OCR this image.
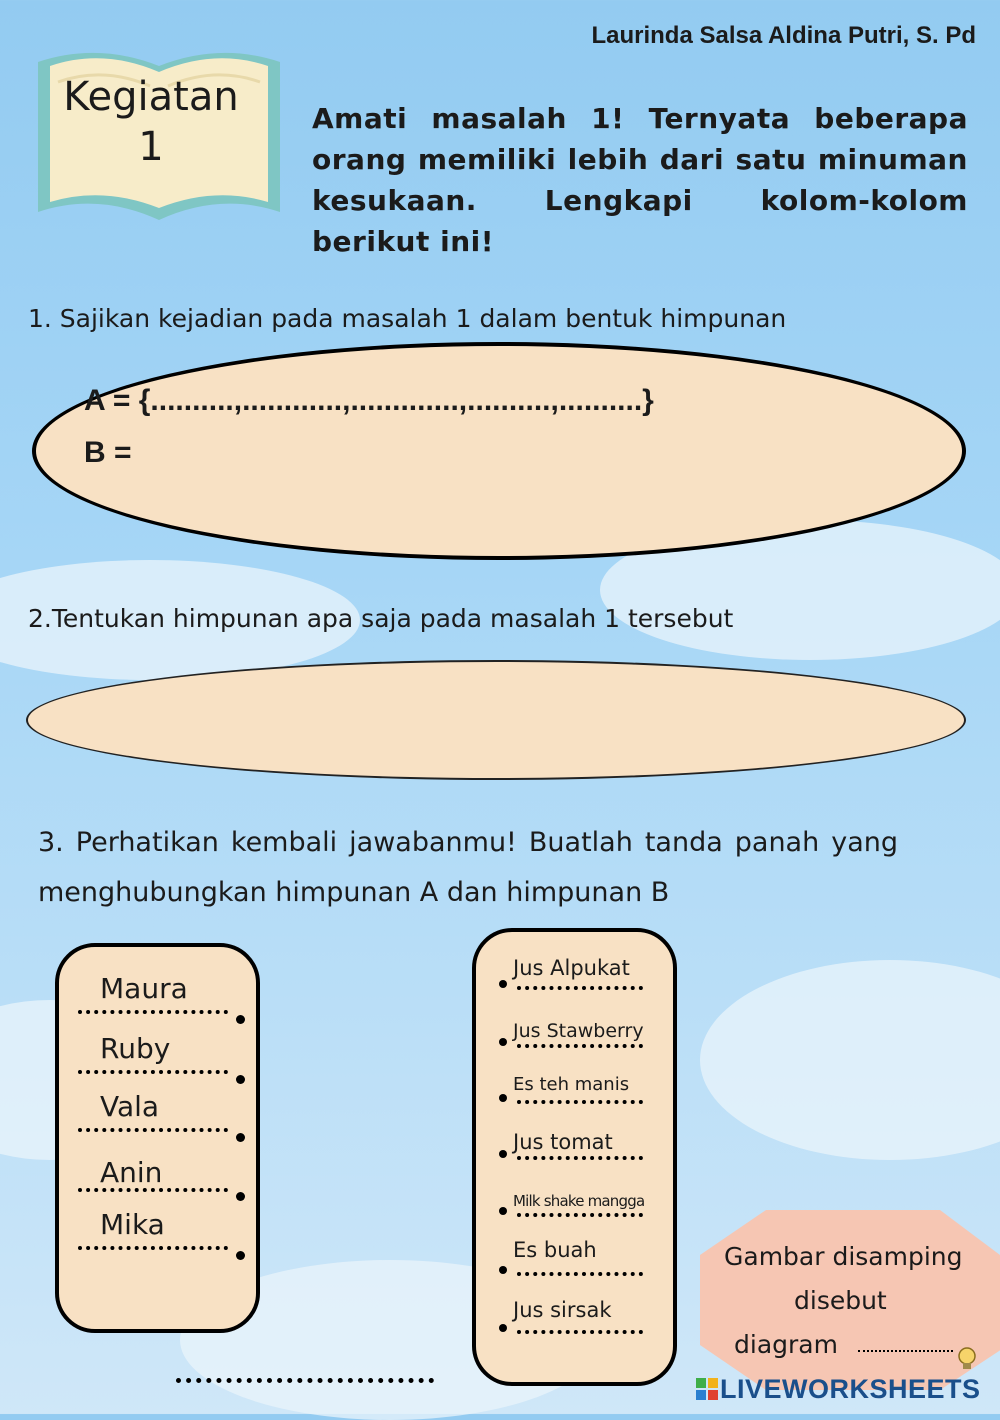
Laurinda Salsa Aldina Putri, S. Pd
Kegiatan
1
Amati masalah 1! Ternyata beberapa orang memiliki lebih dari satu minuman kesukaan. Lengkapi kolom-kolom berikut ini!
1. Sajikan kejadian pada masalah 1 dalam bentuk himpunan
A = {..........,............,.............,..........,..........}
B =
2.Tentukan himpunan apa saja pada masalah 1 tersebut
3. Perhatikan kembali jawabanmu! Buatlah tanda panah yang menghubungkan himpunan A dan himpunan B
Maura
Ruby
Vala
Anin
Mika
Jus Alpukat
Jus Stawberry
Es teh manis
Jus tomat
Milk shake mangga
Es buah
Jus sirsak
Gambar disamping
disebut
diagram
LIVEWORKSHEETS
